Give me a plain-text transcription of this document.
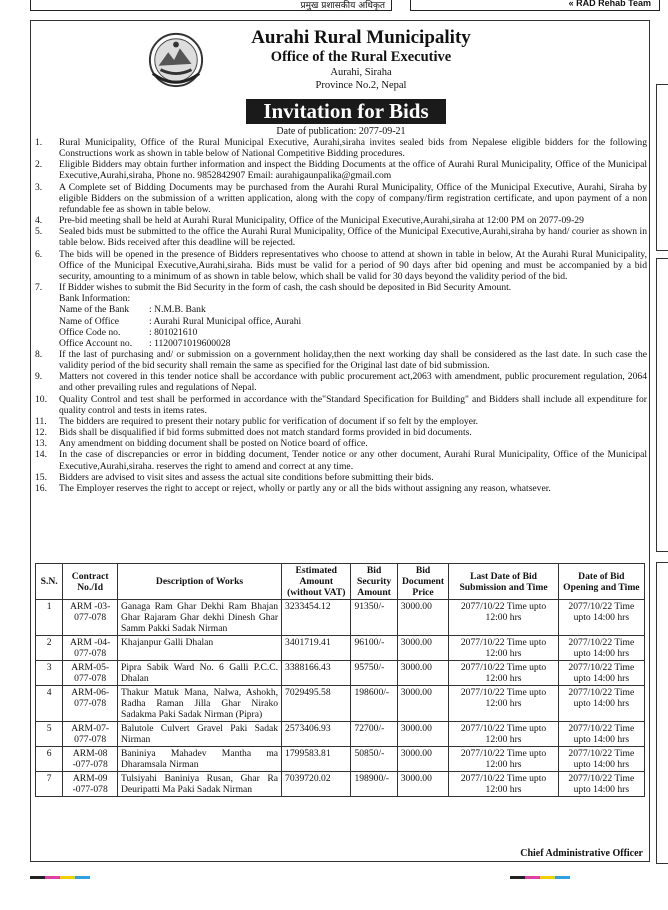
प्रमुख प्रशासकीय अधिकृत	« RAD Rehab Team
Aurahi Rural Municipality
Office of the Rural Executive
Aurahi, Siraha
Province No.2, Nepal
Invitation for Bids
Date of publication: 2077-09-21
1.	Rural Municipality, Office of the Rural Municipal Executive, Aurahi,siraha invites sealed bids from Nepalese eligible bidders for the following Constructions work as shown in table below of National Competitive Bidding procedures.
2.	Eligible Bidders may obtain further information and inspect the Bidding Documents at the office of Aurahi Rural Municipality, Office of the Municipal Executive,Aurahi,siraha, Phone no. 9852842907 Email: aurahigaunpalika@gmail.com
3.	A Complete set of Bidding Documents may be purchased from the Aurahi Rural Municipality, Office of the Municipal Executive, Aurahi, Siraha by eligible Bidders on the submission of a written application, along with the copy of company/firm registration certificate, and upon payment of a non refundable fee as shown in table below.
4.	Pre-bid meeting shall be held at Aurahi Rural Municipality, Office of the Municipal Executive,Aurahi,siraha at 12:00 PM on 2077-09-29
5.	Sealed bids must be submitted to the office the Aurahi Rural Municipality, Office of the Municipal Executive,Aurahi,siraha by hand/ courier as shown in table below. Bids received after this deadline will be rejected.
6.	The bids will be opened in the presence of Bidders representatives who choose to attend at shown in table in below, At the Aurahi Rural Municipality, Office of the Municipal Executive,Aurahi,siraha. Bids must be valid for a period of 90 days after bid opening and must be accompanied by a bid security, amounting to a minimum of as shown in table below, which shall be valid for 30 days beyond the validity period of the bid.
7.	If Bidder wishes to submit the Bid Security in the form of cash, the cash should be deposited in Bid Security Amount.
Bank Information:
Name of the Bank	: N.M.B. Bank
Name of Office	: Aurahi Rural Municipal office, Aurahi
Office Code no.	: 801021610
Office Account no.	: 1120071019600028
8.	If the last of purchasing and/ or submission on a government holiday,then the next working day shall be considered as the last date. In such case the validity period of the bid security shall remain the same as specified for the Original last date of bid submission.
9.	Matters not covered in this tender notice shall be accordance with public procurement act,2063 with amendment, public procurement regulation, 2064 and other prevailing rules and regulations of Nepal.
10.	Quality Control and test shall be performed in accordance with the"Standard Specification for Building" and Bidders shall include all expenditure for quality control and tests in items rates.
11.	The bidders are required to present their notary public for verification of document if so felt by the employer.
12.	Bids shall be disqualified if bid forms submitted does not match standard forms provided in bid documents.
13.	Any amendment on bidding document shall be posted on Notice board of office.
14.	In the case of discrepancies or error in bidding document, Tender notice or any other document, Aurahi Rural Municipality, Office of the Municipal Executive,Aurahi,siraha. reserves the right to amend and correct at any time.
15.	Bidders are advised to visit sites and assess the actual site conditions before submitting their bids.
16.	The Employer reserves the right to accept or reject, wholly or partly any or all the bids without assigning any reason, whatsever.
S.N.	Contract No./Id	Description of Works	Estimated Amount (without VAT)	Bid Security Amount	Bid Document Price	Last Date of Bid Submission and Time	Date of Bid Opening and Time
1	ARM -03- 077-078	Ganaga Ram Ghar Dekhi Ram Bhajan Ghar Rajaram Ghar dekhi Dinesh Ghar Samm Pakki Sadak Nirman	3233454.12	91350/-	3000.00	2077/10/22 Time upto 12:00 hrs	2077/10/22 Time upto 14:00 hrs
2	ARM -04- 077-078	Khajanpur Galli Dhalan	3401719.41	96100/-	3000.00	2077/10/22 Time upto 12:00 hrs	2077/10/22 Time upto 14:00 hrs
3	ARM-05- 077-078	Pipra Sabik Ward No. 6 Galli P.C.C. Dhalan	3388166.43	95750/-	3000.00	2077/10/22 Time upto 12:00 hrs	2077/10/22 Time upto 14:00 hrs
4	ARM-06- 077-078	Thakur Matuk Mana, Nalwa, Ashokh, Radha Raman Jilla Ghar Nirako Sadakma Paki Sadak Nirman (Pipra)	7029495.58	198600/-	3000.00	2077/10/22 Time upto 12:00 hrs	2077/10/22 Time upto 14:00 hrs
5	ARM-07- 077-078	Balutole Culvert Gravel Paki Sadak Nirman	2573406.93	72700/-	3000.00	2077/10/22 Time upto 12:00 hrs	2077/10/22 Time upto 14:00 hrs
6	ARM-08 -077-078	Baniniya Mahadev Mantha ma Dharamsala Nirman	1799583.81	50850/-	3000.00	2077/10/22 Time upto 12:00 hrs	2077/10/22 Time upto 14:00 hrs
7	ARM-09 -077-078	Tulsiyahi Baniniya Rusan, Ghar Ra Deuripatti Ma Paki Sadak Nirman	7039720.02	198900/-	3000.00	2077/10/22 Time upto 12:00 hrs	2077/10/22 Time upto 14:00 hrs
Chief Administrative Officer
